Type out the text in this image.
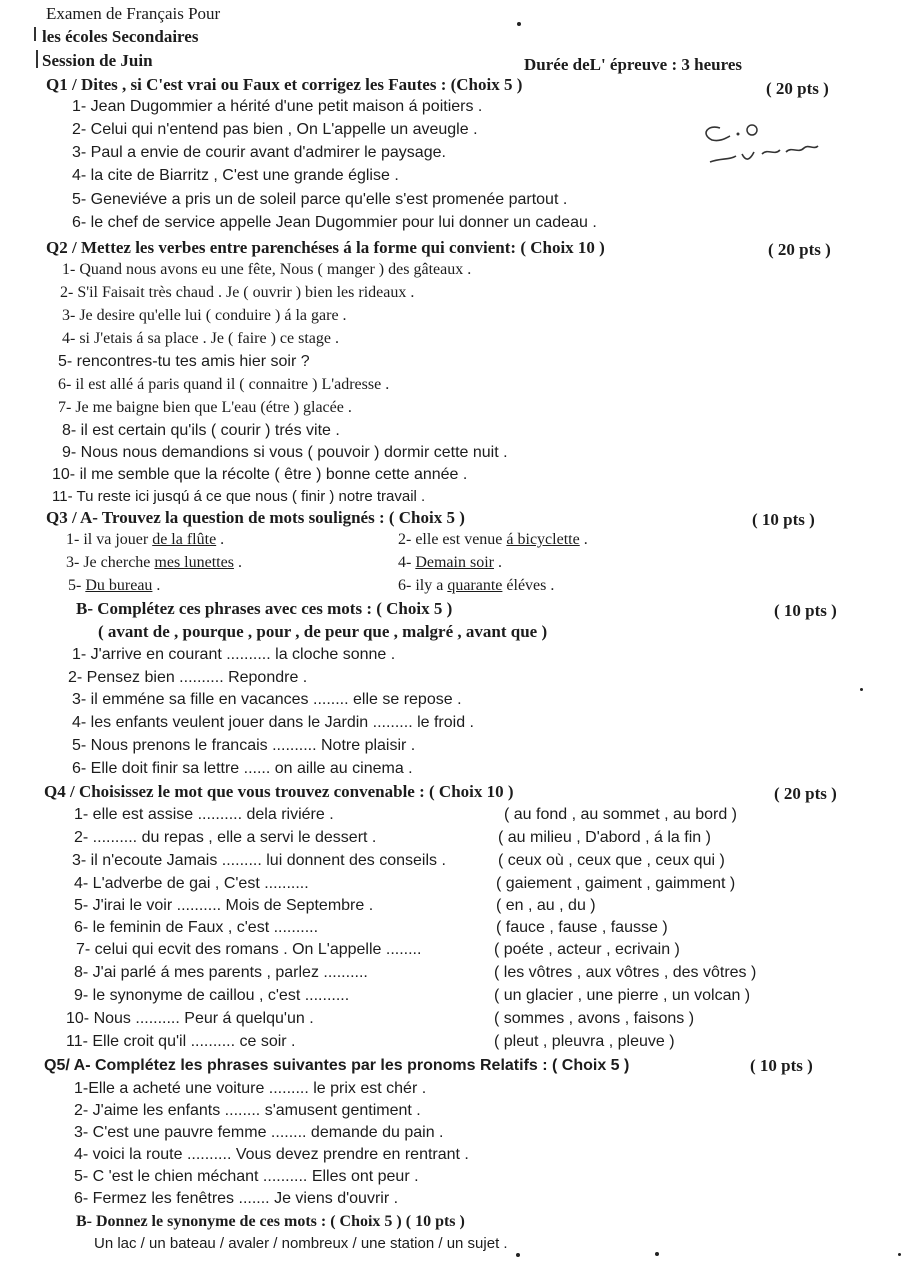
Examen de Français Pour
les écoles Secondaires
Session de Juin	Durée deL' épreuve : 3 heures
Q1 / Dites , si C'est vrai ou Faux et corrigez les Fautes : (Choix 5 )	( 20 pts )
1- Jean Dugommier a hérité d'une petit maison á poitiers .
2- Celui qui n'entend pas bien , On L'appelle un aveugle .
3- Paul a envie de courir avant d'admirer le paysage.
4- la cite de Biarritz , C'est une grande église .
5- Geneviéve a pris un de soleil parce qu'elle s'est promenée partout .
6- le chef de service appelle Jean Dugommier pour lui donner un cadeau .
Q2 / Mettez les verbes entre parenchéses á la forme qui convient: ( Choix 10 )	( 20 pts )
1- Quand nous avons eu une fête, Nous ( manger ) des gâteaux .
2- S'il Faisait très chaud . Je ( ouvrir ) bien les rideaux .
3- Je desire qu'elle lui ( conduire ) á la gare .
4- si J'etais á sa place . Je ( faire ) ce stage .
5- rencontres-tu tes amis hier soir ?
6- il est allé á paris quand il ( connaitre ) L'adresse .
7- Je me baigne bien que L'eau (étre ) glacée .
8- il est certain qu'ils ( courir ) trés vite .
9- Nous nous demandions si vous ( pouvoir ) dormir cette nuit .
10- il me semble que la récolte ( être ) bonne cette année .
11- Tu reste ici jusqú á ce que nous ( finir ) notre travail .
Q3 / A- Trouvez la question de mots soulignés : ( Choix 5 )	( 10 pts )
1- il va jouer de la flûte .	2- elle est venue á bicyclette .
3- Je cherche mes lunettes .	4- Demain soir .
5- Du bureau .	6- ily a quarante éléves .
B- Complétez ces phrases avec ces mots : ( Choix 5 )	( 10 pts )
( avant de , pourque , pour , de peur que , malgré , avant que )
1- J'arrive en courant .......... la cloche sonne .
2- Pensez bien .......... Repondre .
3- il emméne sa fille en vacances ........ elle se repose .
4- les enfants veulent jouer dans le Jardin ......... le froid .
5- Nous prenons le francais .......... Notre plaisir .
6- Elle doit finir sa lettre ...... on aille au cinema .
Q4 / Choisissez le mot que vous trouvez convenable : ( Choix 10 )	( 20 pts )
1- elle est assise .......... dela riviére .	( au fond , au sommet , au bord )
2- .......... du repas , elle a servi le dessert .	( au milieu , D'abord , á la fin )
3- il n'ecoute Jamais ......... lui donnent des conseils .	( ceux où , ceux que , ceux qui )
4- L'adverbe de gai , C'est ..........	( gaiement , gaiment , gaimment )
5- J'irai le voir .......... Mois de Septembre .	( en , au , du )
6- le feminin de Faux , c'est ..........	( fauce , fause , fausse )
7- celui qui ecvit des romans . On L'appelle ........	( poéte , acteur , ecrivain )
8- J'ai parlé á mes parents , parlez ..........	( les vôtres , aux vôtres , des vôtres )
9- le synonyme de caillou , c'est ..........	( un glacier , une pierre , un volcan )
10- Nous .......... Peur á quelqu'un .	( sommes , avons , faisons )
11- Elle croit qu'il .......... ce soir .	( pleut , pleuvra , pleuve )
Q5/ A- Complétez les phrases suivantes par les pronoms Relatifs : ( Choix 5 )	( 10 pts )
1-Elle a acheté une voiture ......... le prix est chér .
2- J'aime les enfants ........ s'amusent gentiment .
3- C'est une pauvre femme ........ demande du pain .
4- voici la route .......... Vous devez prendre en rentrant .
5- C 'est le chien méchant .......... Elles ont peur .
6- Fermez les fenêtres ....... Je viens d'ouvrir .
B- Donnez le synonyme de ces mots : ( Choix 5 ) ( 10 pts )
Un lac / un bateau / avaler / nombreux / une station / un sujet .
